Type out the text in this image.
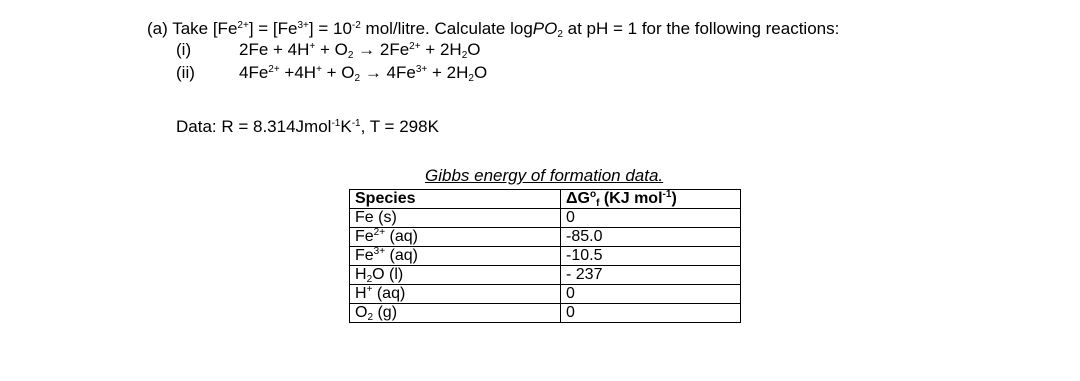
(a) Take $[Fe^{2+}] = [Fe^{3+}] = 10^{-2}$ mol/litre. Calculate logPO$_2$ at pH = 1 for the following reactions:
(i)	$2Fe + 4H^+ + O_2 \to 2Fe^{2+} + 2H_2O$
(ii)	$4Fe^{2+} +4H^+ + O_2 \to 4Fe^{3+} + 2H_2O$
Data: $R = 8.314Jmol^{-1}K^{-1}$, T = 298K
Gibbs energy of formation data.
Species	$\Delta G^o_f$ (KJ mol$^{-1}$)
Fe (s)	0
$Fe^{2+}$ (aq)	-85.0
$Fe^{3+}$ (aq)	-10.5
$H_2O$ (l)	- 237
H+ (aq)	0
$O_2$ (g)	0
